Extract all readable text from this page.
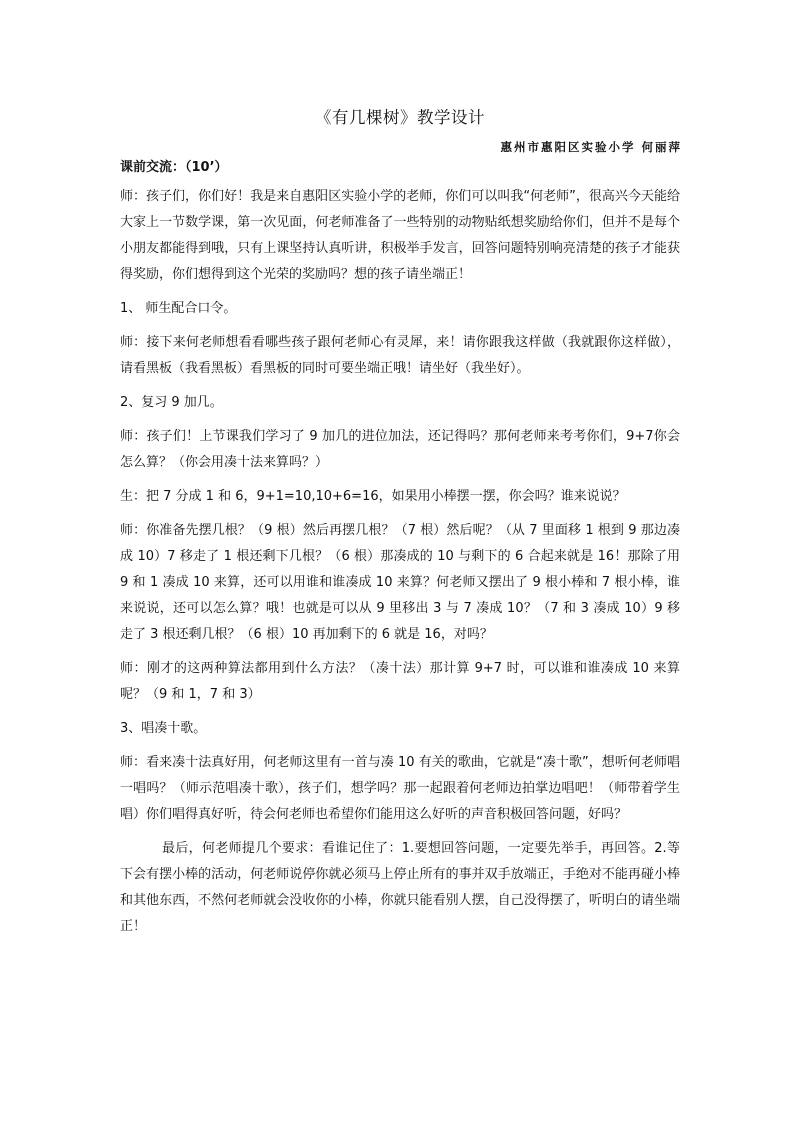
《有几棵树》教学设计
惠州市惠阳区实验小学 何丽萍
课前交流：（10’）

师：孩子们，你们好！我是来自惠阳区实验小学的老师，你们可以叫我“何老师”，很高兴今天能给大家上一节数学课，第一次见面，何老师准备了一些特别的动物贴纸想奖励给你们，但并不是每个小朋友都能得到哦，只有上课坚持认真听讲，积极举手发言，回答问题特别响亮清楚的孩子才能获得奖励，你们想得到这个光荣的奖励吗？想的孩子请坐端正！

1、 师生配合口令。

师：接下来何老师想看看哪些孩子跟何老师心有灵犀，来！请你跟我这样做（我就跟你这样做），请看黑板（我看黑板）看黑板的同时可要坐端正哦！请坐好（我坐好）。

2、复习 9 加几。

师：孩子们！上节课我们学习了 9 加几的进位加法，还记得吗？那何老师来考考你们，9+7你会怎么算？（你会用凑十法来算吗？）

生：把 7 分成 1 和 6，9+1=10,10+6=16，如果用小棒摆一摆，你会吗？谁来说说？

师：你准备先摆几根？（9 根）然后再摆几根？（7 根）然后呢？（从 7 里面移 1 根到 9 那边凑成 10）7 移走了 1 根还剩下几根？（6 根）那凑成的 10 与剩下的 6 合起来就是 16！那除了用 9 和 1 凑成 10 来算，还可以用谁和谁凑成 10 来算？何老师又摆出了 9 根小棒和 7 根小棒，谁来说说，还可以怎么算？哦！也就是可以从 9 里移出 3 与 7 凑成 10？（7 和 3 凑成 10）9 移走了 3 根还剩几根？（6 根）10 再加剩下的 6 就是 16，对吗？

师：刚才的这两种算法都用到什么方法？（凑十法）那计算 9+7 时，可以谁和谁凑成 10 来算呢？（9 和 1，7 和 3）

3、唱凑十歌。

师：看来凑十法真好用，何老师这里有一首与凑 10 有关的歌曲，它就是“凑十歌”，想听何老师唱一唱吗？（师示范唱凑十歌），孩子们，想学吗？那一起跟着何老师边拍掌边唱吧！（师带着学生唱）你们唱得真好听，待会何老师也希望你们能用这么好听的声音积极回答问题，好吗？

最后，何老师提几个要求：看谁记住了：1.要想回答问题，一定要先举手，再回答。2.等下会有摆小棒的活动，何老师说停你就必须马上停止所有的事并双手放端正，手绝对不能再碰小棒和其他东西，不然何老师就会没收你的小棒，你就只能看别人摆，自己没得摆了，听明白的请坐端正！
